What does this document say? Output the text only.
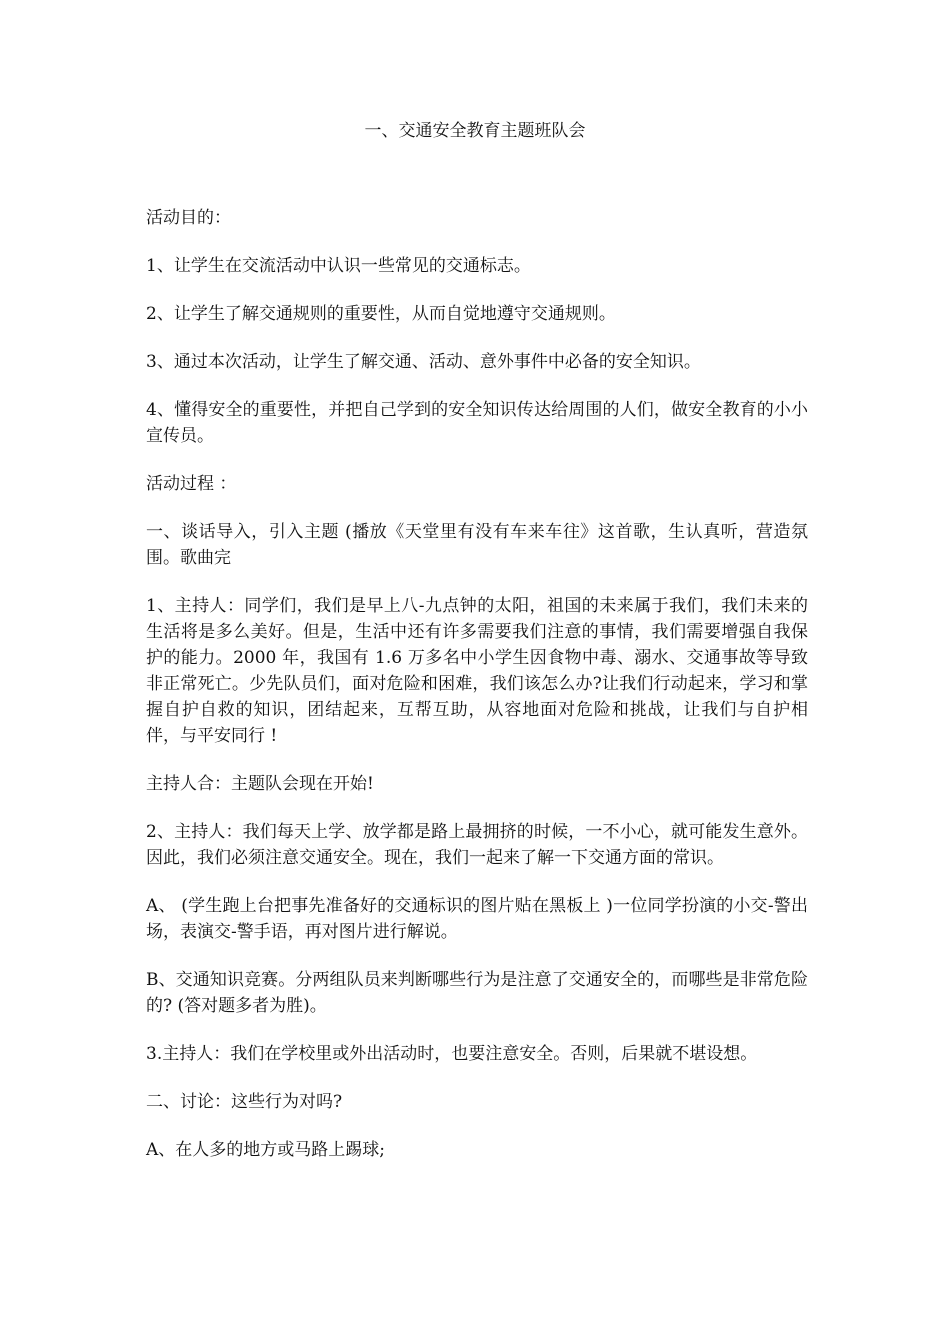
一、交通安全教育主题班队会

活动目的：

1、让学生在交流活动中认识一些常见的交通标志。

2、让学生了解交通规则的重要性，从而自觉地遵守交通规则。

3、通过本次活动，让学生了解交通、活动、意外事件中必备的安全知识。

4、懂得安全的重要性，并把自己学到的安全知识传达给周围的人们，做安全教育的小小宣传员。

活动过程 ：

一、谈话导入，引入主题 (播放《天堂里有没有车来车往》这首歌，生认真听，营造氛围。歌曲完

1、主持人：同学们，我们是早上八-九点钟的太阳，祖国的未来属于我们，我们未来的生活将是多么美好。但是，生活中还有许多需要我们注意的事情，我们需要增强自我保护的能力。2000 年，我国有 1.6 万多名中小学生因食物中毒、溺水、交通事故等导致非正常死亡。少先队员们，面对危险和困难，我们该怎么办?让我们行动起来，学习和掌握自护自救的知识，团结起来，互帮互助，从容地面对危险和挑战，让我们与自护相伴，与平安同行 !

主持人合：主题队会现在开始!

2、主持人：我们每天上学、放学都是路上最拥挤的时候，一不小心，就可能发生意外。因此，我们必须注意交通安全。现在，我们一起来了解一下交通方面的常识。

A、 (学生跑上台把事先准备好的交通标识的图片贴在黑板上 )一位同学扮演的小交-警出场，表演交-警手语，再对图片进行解说。

B、交通知识竞赛。分两组队员来判断哪些行为是注意了交通安全的，而哪些是非常危险的? (答对题多者为胜)。

3.主持人：我们在学校里或外出活动时，也要注意安全。否则，后果就不堪设想。

二、讨论：这些行为对吗?

A、在人多的地方或马路上踢球;
